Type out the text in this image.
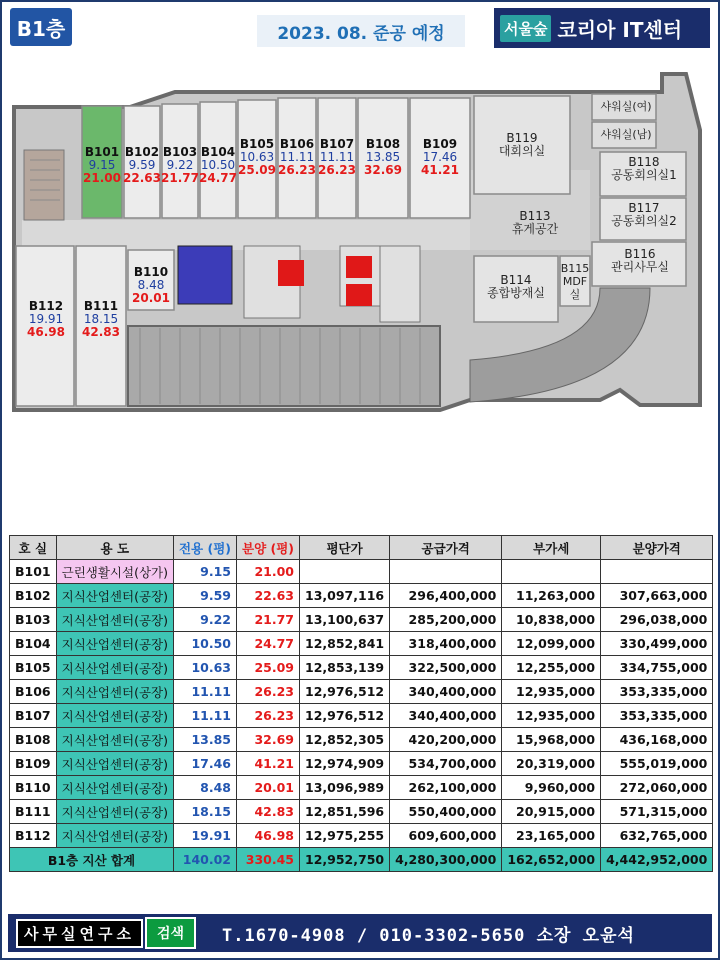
B1층	2023. 08. 준공 예정	서울숲 코리아 IT센터
B101
9.15
21.00
B102
9.59
22.63
B103
9.22
21.77
B104
10.50
24.77
B105
10.63
25.09
B106
11.11
26.23
B107
11.11
26.23
B108
13.85
32.69
B109
17.46
41.21
B110
8.48
20.01
B111
18.15
42.83
B112
19.91
46.98
B119
대회의실
B118
공동회의실1
B117
공동회의실2
B116
관리사무실
B113
휴게공간
B114
종합방재실
B115
MDF실
샤워실(여)
샤워실(남)
호 실	용 도	전용 (평)	분양 (평)	평단가	공급가격	부가세	분양가격
B101	근린생활시설(상가)	9.15	21.00				
B102	지식산업센터(공장)	9.59	22.63	13,097,116	296,400,000	11,263,000	307,663,000
B103	지식산업센터(공장)	9.22	21.77	13,100,637	285,200,000	10,838,000	296,038,000
B104	지식산업센터(공장)	10.50	24.77	12,852,841	318,400,000	12,099,000	330,499,000
B105	지식산업센터(공장)	10.63	25.09	12,853,139	322,500,000	12,255,000	334,755,000
B106	지식산업센터(공장)	11.11	26.23	12,976,512	340,400,000	12,935,000	353,335,000
B107	지식산업센터(공장)	11.11	26.23	12,976,512	340,400,000	12,935,000	353,335,000
B108	지식산업센터(공장)	13.85	32.69	12,852,305	420,200,000	15,968,000	436,168,000
B109	지식산업센터(공장)	17.46	41.21	12,974,909	534,700,000	20,319,000	555,019,000
B110	지식산업센터(공장)	8.48	20.01	13,096,989	262,100,000	9,960,000	272,060,000
B111	지식산업센터(공장)	18.15	42.83	12,851,596	550,400,000	20,915,000	571,315,000
B112	지식산업센터(공장)	19.91	46.98	12,975,255	609,600,000	23,165,000	632,765,000
B1층 지산 합계		140.02	330.45	12,952,750	4,280,300,000	162,652,000	4,442,952,000
사무실연구소	검색	T.1670-4908 / 010-3302-5650 소장 오윤석
